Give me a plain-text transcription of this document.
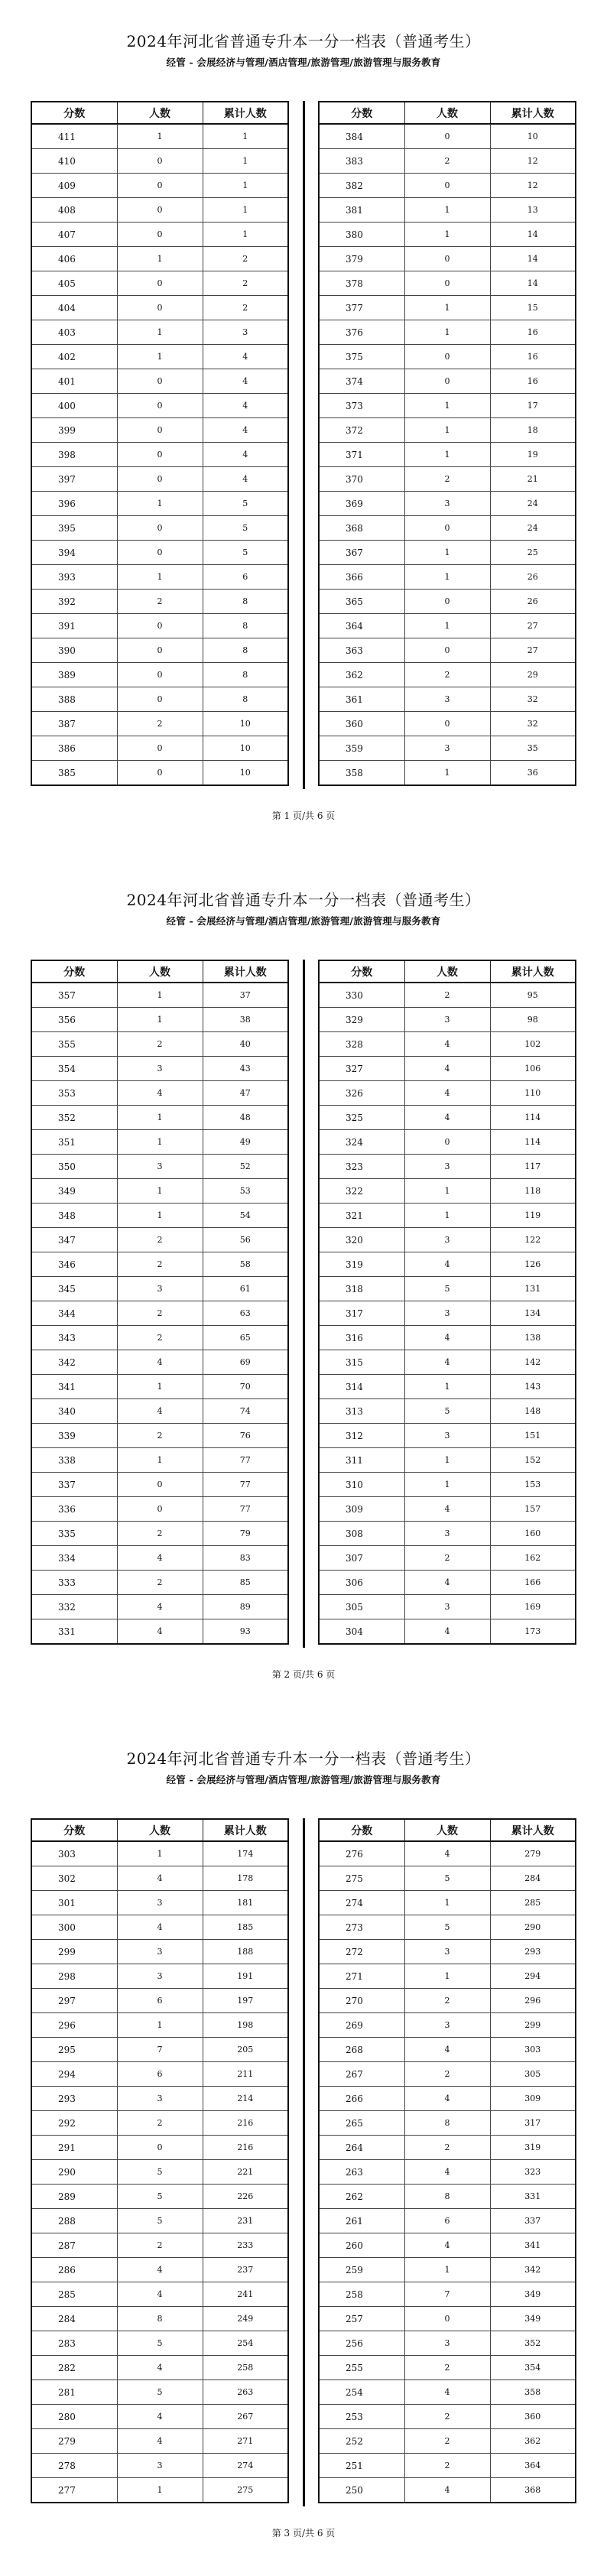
2024年河北省普通专升本一分一档表（普通考生）
经管 - 会展经济与管理/酒店管理/旅游管理/旅游管理与服务教育
分数	人数	累计人数
411	1	1
410	0	1
409	0	1
408	0	1
407	0	1
406	1	2
405	0	2
404	0	2
403	1	3
402	1	4
401	0	4
400	0	4
399	0	4
398	0	4
397	0	4
396	1	5
395	0	5
394	0	5
393	1	6
392	2	8
391	0	8
390	0	8
389	0	8
388	0	8
387	2	10
386	0	10
385	0	10
分数	人数	累计人数
384	0	10
383	2	12
382	0	12
381	1	13
380	1	14
379	0	14
378	0	14
377	1	15
376	1	16
375	0	16
374	0	16
373	1	17
372	1	18
371	1	19
370	2	21
369	3	24
368	0	24
367	1	25
366	1	26
365	0	26
364	1	27
363	0	27
362	2	29
361	3	32
360	0	32
359	3	35
358	1	36
第 1 页/共 6 页
2024年河北省普通专升本一分一档表（普通考生）
经管 - 会展经济与管理/酒店管理/旅游管理/旅游管理与服务教育
分数	人数	累计人数
357	1	37
356	1	38
355	2	40
354	3	43
353	4	47
352	1	48
351	1	49
350	3	52
349	1	53
348	1	54
347	2	56
346	2	58
345	3	61
344	2	63
343	2	65
342	4	69
341	1	70
340	4	74
339	2	76
338	1	77
337	0	77
336	0	77
335	2	79
334	4	83
333	2	85
332	4	89
331	4	93
分数	人数	累计人数
330	2	95
329	3	98
328	4	102
327	4	106
326	4	110
325	4	114
324	0	114
323	3	117
322	1	118
321	1	119
320	3	122
319	4	126
318	5	131
317	3	134
316	4	138
315	4	142
314	1	143
313	5	148
312	3	151
311	1	152
310	1	153
309	4	157
308	3	160
307	2	162
306	4	166
305	3	169
304	4	173
第 2 页/共 6 页
2024年河北省普通专升本一分一档表（普通考生）
经管 - 会展经济与管理/酒店管理/旅游管理/旅游管理与服务教育
分数	人数	累计人数
303	1	174
302	4	178
301	3	181
300	4	185
299	3	188
298	3	191
297	6	197
296	1	198
295	7	205
294	6	211
293	3	214
292	2	216
291	0	216
290	5	221
289	5	226
288	5	231
287	2	233
286	4	237
285	4	241
284	8	249
283	5	254
282	4	258
281	5	263
280	4	267
279	4	271
278	3	274
277	1	275
分数	人数	累计人数
276	4	279
275	5	284
274	1	285
273	5	290
272	3	293
271	1	294
270	2	296
269	3	299
268	4	303
267	2	305
266	4	309
265	8	317
264	2	319
263	4	323
262	8	331
261	6	337
260	4	341
259	1	342
258	7	349
257	0	349
256	3	352
255	2	354
254	4	358
253	2	360
252	2	362
251	2	364
250	4	368
第 3 页/共 6 页
